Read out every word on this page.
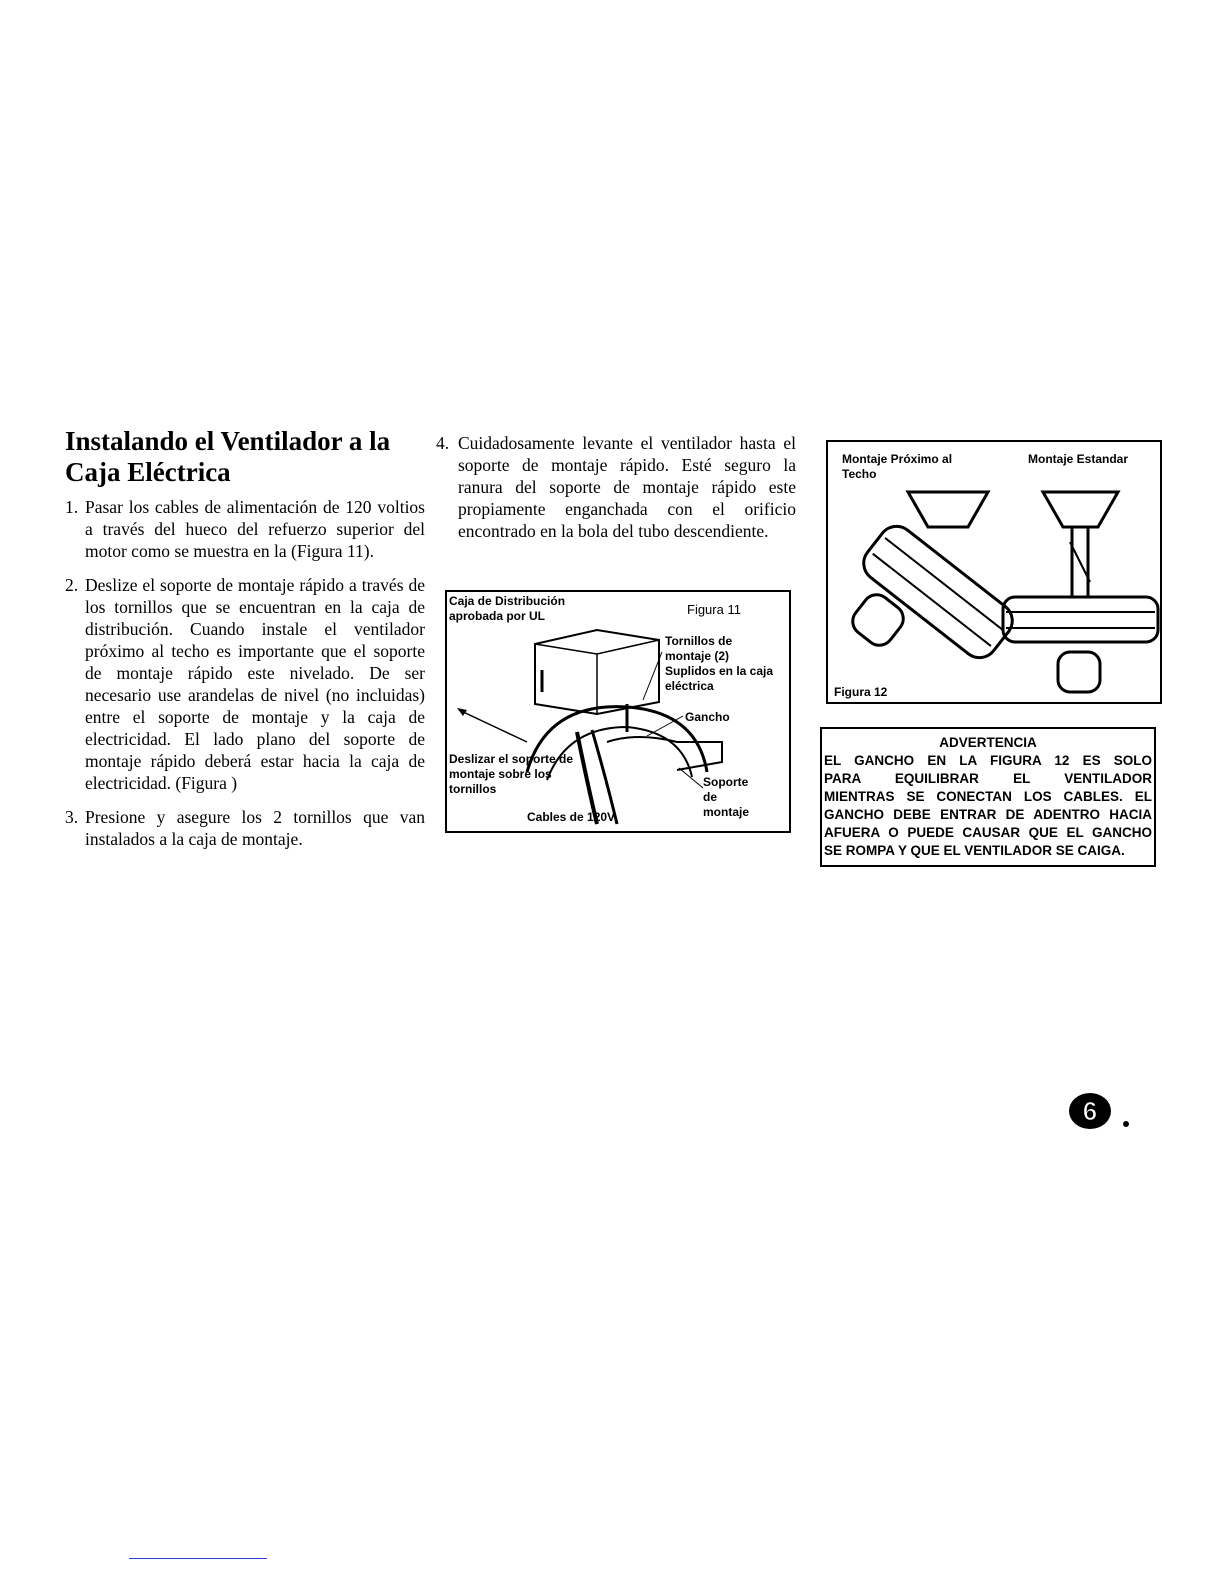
Instalando el Ventilador a la
Caja Eléctrica
1. Pasar los cables de alimentación de 120 voltios a través del hueco del refuerzo superior del motor como se muestra en la (Figura 11).
2. Deslize el soporte de montaje rápido a través de los tornillos que se encuentran en la caja de distribución. Cuando instale el ventilador próximo al techo es importante que el soporte de montaje rápido este nivelado. De ser necesario use arandelas de nivel (no incluidas) entre el soporte de montaje y la caja de electricidad. El lado plano del soporte de montaje rápido deberá estar hacia la caja de electricidad. (Figura )
3. Presione y asegure los 2 tornillos que van instalados a la caja de montaje.
4. Cuidadosamente levante el ventilador hasta el soporte de montaje rápido. Esté seguro la ranura del soporte de montaje rápido este propiamente enganchada con el orificio encontrado en la bola del tubo descendiente.
Caja de Distribución aprobada por UL	Figura 11
Tornillos de montaje (2) Suplidos en la caja eléctrica
Gancho
Deslizar el soporte de montaje sobre los tornillos	Soporte de montaje
Cables de 120V
Montaje Próximo al Techo
Montaje Estandar
Figura 12
ADVERTENCIA
EL GANCHO EN LA FIGURA 12 ES SOLO
PARA EQUILIBRAR EL VENTILADOR
MIENTRAS SE CONECTAN LOS CABLES. EL
GANCHO DEBE ENTRAR DE ADENTRO HACIA
AFUERA O PUEDE CAUSAR QUE EL GANCHO
SE ROMPA Y QUE EL VENTILADOR SE CAIGA.
6
